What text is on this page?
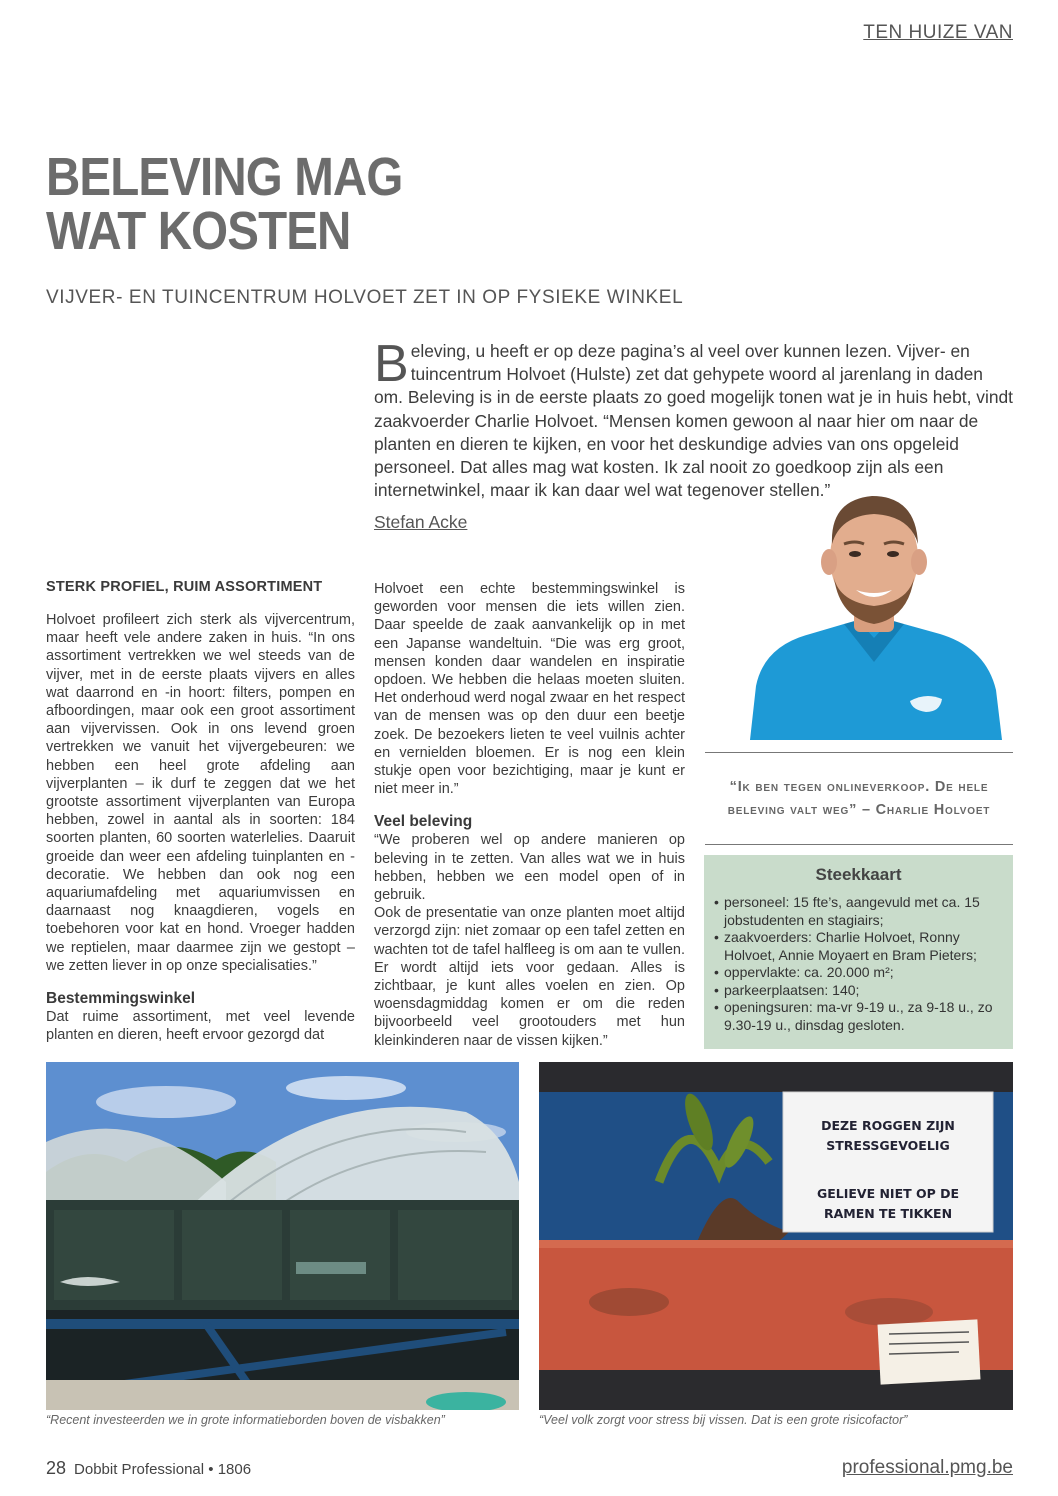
TEN HUIZE VAN
BELEVING MAG
WAT KOSTEN
VIJVER- EN TUINCENTRUM HOLVOET ZET IN OP FYSIEKE WINKEL
Beleving, u heeft er op deze pagina’s al veel over kunnen lezen. Vijver- en tuincentrum Holvoet (Hulste) zet dat gehypete woord al jarenlang in daden om. Beleving is in de eerste plaats zo goed mogelijk tonen wat je in huis hebt, vindt zaakvoerder Charlie Holvoet. “Mensen komen gewoon al naar hier om naar de planten en dieren te kijken, en voor het deskundige advies van ons opgeleid personeel. Dat alles mag wat kosten. Ik zal nooit zo goedkoop zijn als een internetwinkel, maar ik kan daar wel wat tegenover stellen.”
Stefan Acke
STERK PROFIEL, RUIM ASSORTIMENT

Holvoet profileert zich sterk als vijvercentrum, maar heeft vele andere zaken in huis. “In ons assortiment vertrekken we wel steeds van de vijver, met in de eerste plaats vijvers en alles wat daarrond en -in hoort: filters, pompen en afboordingen, maar ook een groot assortiment aan vijvervissen. Ook in ons levend groen vertrekken we vanuit het vijvergebeuren: we hebben een heel grote afdeling aan vijverplanten – ik durf te zeggen dat we het grootste assortiment vijverplanten van Europa hebben, zowel in aantal als in soorten: 184 soorten planten, 60 soorten waterlelies. Daaruit groeide dan weer een afdeling tuinplanten en -decoratie. We hebben dan ook nog een aquariumafdeling met aquariumvissen en daarnaast nog knaagdieren, vogels en toebehoren voor kat en hond. Vroeger hadden we reptielen, maar daarmee zijn we gestopt – we zetten liever in op onze specialisaties.”

Bestemmingswinkel

Dat ruime assortiment, met veel levende planten en dieren, heeft ervoor gezorgd dat

Holvoet een echte bestemmingswinkel is geworden voor mensen die iets willen zien. Daar speelde de zaak aanvankelijk op in met een Japanse wandeltuin. “Die was erg groot, mensen konden daar wandelen en inspiratie opdoen. We hebben die helaas moeten sluiten. Het onderhoud werd nogal zwaar en het respect van de mensen was op den duur een beetje zoek. De bezoekers lieten te veel vuilnis achter en vernielden bloemen. Er is nog een klein stukje open voor bezichtiging, maar je kunt er niet meer in.”

Veel beleving

“We proberen wel op andere manieren op beleving in te zetten. Van alles wat we in huis hebben, hebben we een model open of in gebruik.

Ook de presentatie van onze planten moet altijd verzorgd zijn: niet zomaar op een tafel zetten en wachten tot de tafel halfleeg is om aan te vullen. Er wordt altijd iets voor gedaan. Alles is zichtbaar, je kunt alles voelen en zien. Op woensdagmiddag komen er om die reden bijvoorbeeld veel grootouders met hun kleinkinderen naar de vissen kijken.”

“Ik ben tegen onlineverkoop. De hele
beleving valt weg” – Charlie Holvoet
Steekkaart
• personeel: 15 fte’s, aangevuld met ca. 15 jobstudenten en stagiairs;
• zaakvoerders: Charlie Holvoet, Ronny Holvoet, Annie Moyaert en Bram Pieters;
• oppervlakte: ca. 20.000 m²;
• parkeerplaatsen: 140;
• openingsuren: ma-vr 9-19 u., za 9-18 u., zo 9.30-19 u., dinsdag gesloten.
DEZE ROGGEN ZIJN
STRESSGEVOELIG
GELIEVE NIET OP DE
RAMEN TE TIKKEN
“Recent investeerden we in grote informatieborden boven de visbakken”	“Veel volk zorgt voor stress bij vissen. Dat is een grote risicofactor”
28 Dobbit Professional • 1806	professional.pmg.be
